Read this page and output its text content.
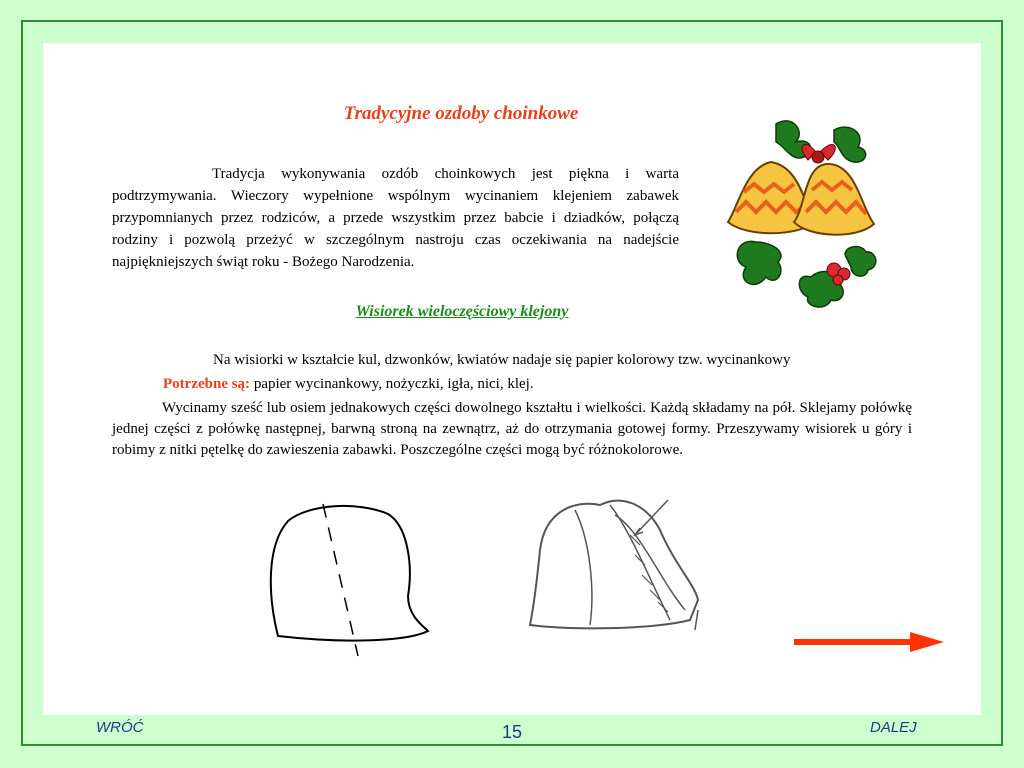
Tradycyjne ozdoby choinkowe
Tradycja wykonywania ozdób choinkowych jest piękna i warta podtrzymywania. Wieczory wypełnione wspólnym wycinaniem klejeniem zabawek przypomnianych przez rodziców, a przede wszystkim przez babcie i dziadków, połączą rodziny i pozwolą przeżyć w szczególnym nastroju czas oczekiwania na nadejście najpiękniejszych świąt roku - Bożego Narodzenia.
Wisiorek wieloczęściowy klejony
Na wisiorki w kształcie kul, dzwonków, kwiatów nadaje się papier kolorowy tzw. wycinankowy
Potrzebne są: papier wycinankowy, nożyczki, igła, nici, klej.
Wycinamy sześć lub osiem jednakowych części dowolnego kształtu i wielkości. Każdą składamy na pół. Sklejamy połówkę jednej części z połówkę następnej, barwną stroną na zewnątrz, aż do otrzymania gotowej formy. Przeszywamy wisiorek u góry i robimy z nitki pętelkę do zawieszenia zabawki. Poszczególne części mogą być różnokolorowe.
WRÓĆ	15	DALEJ
